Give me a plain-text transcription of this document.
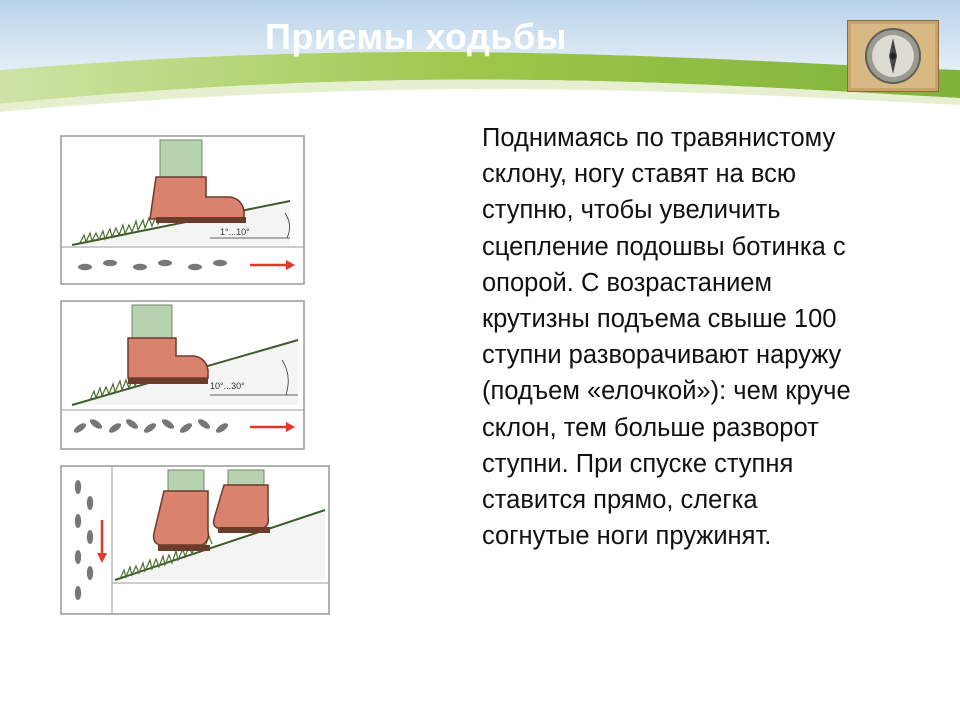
Приемы ходьбы

Поднимаясь по травянистому

склону, ногу ставят на всю

ступню, чтобы увеличить

сцепление подошвы ботинка с

опорой. С возрастанием

крутизны подъема свыше 100

ступни разворачивают наружу

(подъем «елочкой»): чем круче

склон, тем больше разворот

ступни. При спуске ступня

ставится прямо, слегка

согнутые ноги пружинят.

1°...10°
10°...30°
